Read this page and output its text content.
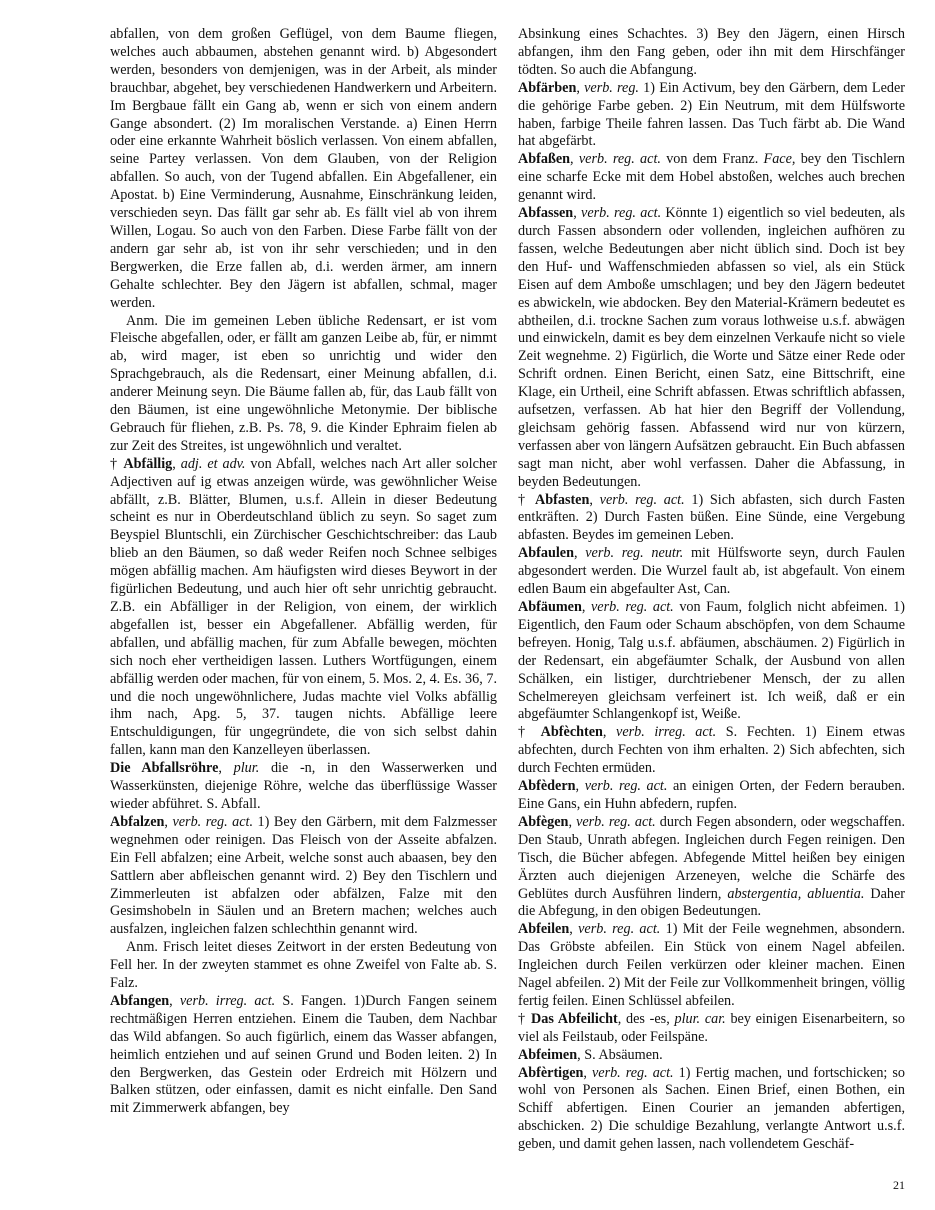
abfallen, von dem großen Geflügel, von dem Baume fliegen, welches auch abbaumen, abstehen genannt wird. b) Abgesondert werden, besonders von demjenigen, was in der Arbeit, als minder brauchbar, abgehet, bey verschiedenen Handwerkern und Arbeitern. Im Bergbaue fällt ein Gang ab, wenn er sich von einem andern Gange absondert. (2) Im moralischen Verstande. a) Einen Herrn oder eine erkannte Wahrheit böslich verlassen. Von einem abfallen, seine Partey verlassen. Von dem Glauben, von der Religion abfallen. So auch, von der Tugend abfallen. Ein Abgefallener, ein Apostat. b) Eine Verminderung, Ausnahme, Einschränkung leiden, verschieden seyn. Das fällt gar sehr ab. Es fällt viel ab von ihrem Willen, Logau. So auch von den Farben. Diese Farbe fällt von der andern gar sehr ab, ist von ihr sehr verschieden; und in den Bergwerken, die Erze fallen ab, d.i. werden ärmer, am innern Gehalte schlechter. Bey den Jägern ist abfallen, schmal, mager werden.

Anm. Die im gemeinen Leben übliche Redensart, er ist vom Fleische abgefallen, oder, er fällt am ganzen Leibe ab, für, er nimmt ab, wird mager, ist eben so unrichtig und wider den Sprachgebrauch, als die Redensart, einer Meinung abfallen, d.i. anderer Meinung seyn. Die Bäume fallen ab, für, das Laub fällt von den Bäumen, ist eine ungewöhnliche Metonymie. Der biblische Gebrauch für fliehen, z.B. Ps. 78, 9. die Kinder Ephraim fielen ab zur Zeit des Streites, ist ungewöhnlich und veraltet.

† Abfällig, adj. et adv. von Abfall, welches nach Art aller solcher Adjectiven auf ig etwas anzeigen würde, was gewöhnlicher Weise abfällt, z.B. Blätter, Blumen, u.s.f. Allein in dieser Bedeutung scheint es nur in Oberdeutschland üblich zu seyn. So saget zum Beyspiel Bluntschli, ein Zürchischer Geschichtschreiber: das Laub blieb an den Bäumen, so daß weder Reifen noch Schnee selbiges mögen abfällig machen. Am häufigsten wird dieses Beywort in der figürlichen Bedeutung, und auch hier oft sehr unrichtig gebraucht. Z.B. ein Abfälliger in der Religion, von einem, der wirklich abgefallen ist, besser ein Abgefallener. Abfällig werden, für abfallen, und abfällig machen, für zum Abfalle bewegen, möchten sich noch eher vertheidigen lassen. Luthers Wortfügungen, einem abfällig werden oder machen, für von einem, 5. Mos. 2, 4. Es. 36, 7. und die noch ungewöhnlichere, Judas machte viel Volks abfällig ihm nach, Apg. 5, 37. taugen nichts. Abfällige leere Entschuldigungen, für ungegründete, die von sich selbst dahin fallen, kann man den Kanzelleyen überlassen.

Die Abfallsröhre, plur. die -n, in den Wasserwerken und Wasserkünsten, diejenige Röhre, welche das überflüssige Wasser wieder abführet. S. Abfall.

Abfalzen, verb. reg. act. 1) Bey den Gärbern, mit dem Falzmesser wegnehmen oder reinigen. Das Fleisch von der Asseite abfalzen. Ein Fell abfalzen; eine Arbeit, welche sonst auch abaasen, bey den Sattlern aber abfleischen genannt wird. 2) Bey den Tischlern und Zimmerleuten ist abfalzen oder abfälzen, Falze mit den Gesimshobeln in Säulen und an Bretern machen; welches auch ausfalzen, ingleichen falzen schlechthin genannt wird.

Anm. Frisch leitet dieses Zeitwort in der ersten Bedeutung von Fell her. In der zweyten stammet es ohne Zweifel von Falte ab. S. Falz.

Abfangen, verb. irreg. act. S. Fangen. 1)Durch Fangen seinem rechtmäßigen Herren entziehen. Einem die Tauben, dem Nachbar das Wild abfangen. So auch figürlich, einem das Wasser abfangen, heimlich entziehen und auf seinen Grund und Boden leiten. 2) In den Bergwerken, das Gestein oder Erdreich mit Hölzern und Balken stützen, oder einfassen, damit es nicht einfalle. Den Sand mit Zimmerwerk abfangen, bey

Absinkung eines Schachtes. 3) Bey den Jägern, einen Hirsch abfangen, ihm den Fang geben, oder ihn mit dem Hirschfänger tödten. So auch die Abfangung.

Abfärben, verb. reg. 1) Ein Activum, bey den Gärbern, dem Leder die gehörige Farbe geben. 2) Ein Neutrum, mit dem Hülfsworte haben, farbige Theile fahren lassen. Das Tuch färbt ab. Die Wand hat abgefärbt.

Abfaßen, verb. reg. act. von dem Franz. Face, bey den Tischlern eine scharfe Ecke mit dem Hobel abstoßen, welches auch brechen genannt wird.

Abfassen, verb. reg. act. Könnte 1) eigentlich so viel bedeuten, als durch Fassen absondern oder vollenden, ingleichen aufhören zu fassen, welche Bedeutungen aber nicht üblich sind. Doch ist bey den Huf- und Waffenschmieden abfassen so viel, als ein Stück Eisen auf dem Amboße umschlagen; und bey den Jägern bedeutet es abwickeln, wie abdocken. Bey den Material-Krämern bedeutet es abtheilen, d.i. trockne Sachen zum voraus lothweise u.s.f. abwägen und einwickeln, damit es bey dem einzelnen Verkaufe nicht so viele Zeit wegnehme. 2) Figürlich, die Worte und Sätze einer Rede oder Schrift ordnen. Einen Bericht, einen Satz, eine Bittschrift, eine Klage, ein Urtheil, eine Schrift abfassen. Etwas schriftlich abfassen, aufsetzen, verfassen. Ab hat hier den Begriff der Vollendung, gleichsam gehörig fassen. Abfassend wird nur von kürzern, verfassen aber von längern Aufsätzen gebraucht. Ein Buch abfassen sagt man nicht, aber wohl verfassen. Daher die Abfassung, in beyden Bedeutungen.

† Abfasten, verb. reg. act. 1) Sich abfasten, sich durch Fasten entkräften. 2) Durch Fasten büßen. Eine Sünde, eine Vergebung abfasten. Beydes im gemeinen Leben.

Abfaulen, verb. reg. neutr. mit Hülfsworte seyn, durch Faulen abgesondert werden. Die Wurzel fault ab, ist abgefault. Von einem edlen Baum ein abgefaulter Ast, Can.

Abfäumen, verb. reg. act. von Faum, folglich nicht abfeimen. 1) Eigentlich, den Faum oder Schaum abschöpfen, von dem Schaume befreyen. Honig, Talg u.s.f. abfäumen, abschäumen. 2) Figürlich in der Redensart, ein abgefäumter Schalk, der Ausbund von allen Schälken, ein listiger, durchtriebener Mensch, der zu allen Schelmereyen gleichsam verfeinert ist. Ich weiß, daß er ein abgefäumter Schlangenkopf ist, Weiße.

† Abfèchten, verb. irreg. act. S. Fechten. 1) Einem etwas abfechten, durch Fechten von ihm erhalten. 2) Sich abfechten, sich durch Fechten ermüden.

Abfèdern, verb. reg. act. an einigen Orten, der Federn berauben. Eine Gans, ein Huhn abfedern, rupfen.

Abfègen, verb. reg. act. durch Fegen absondern, oder wegschaffen. Den Staub, Unrath abfegen. Ingleichen durch Fegen reinigen. Den Tisch, die Bücher abfegen. Abfegende Mittel heißen bey einigen Ärzten auch diejenigen Arzeneyen, welche die Schärfe des Geblütes durch Ausführen lindern, abstergentia, abluentia. Daher die Abfegung, in den obigen Bedeutungen.

Abfeilen, verb. reg. act. 1) Mit der Feile wegnehmen, absondern. Das Gröbste abfeilen. Ein Stück von einem Nagel abfeilen. Ingleichen durch Feilen verkürzen oder kleiner machen. Einen Nagel abfeilen. 2) Mit der Feile zur Vollkommenheit bringen, völlig fertig feilen. Einen Schlüssel abfeilen.

† Das Abfeilicht, des -es, plur. car. bey einigen Eisenarbeitern, so viel als Feilstaub, oder Feilspäne.

Abfeimen, S. Absäumen.

Abfèrtigen, verb. reg. act. 1) Fertig machen, und fortschicken; so wohl von Personen als Sachen. Einen Brief, einen Bothen, ein Schiff abfertigen. Einen Courier an jemanden abfertigen, abschicken. 2) Die schuldige Bezahlung, verlangte Antwort u.s.f. geben, und damit gehen lassen, nach vollendetem Geschäf-

21
